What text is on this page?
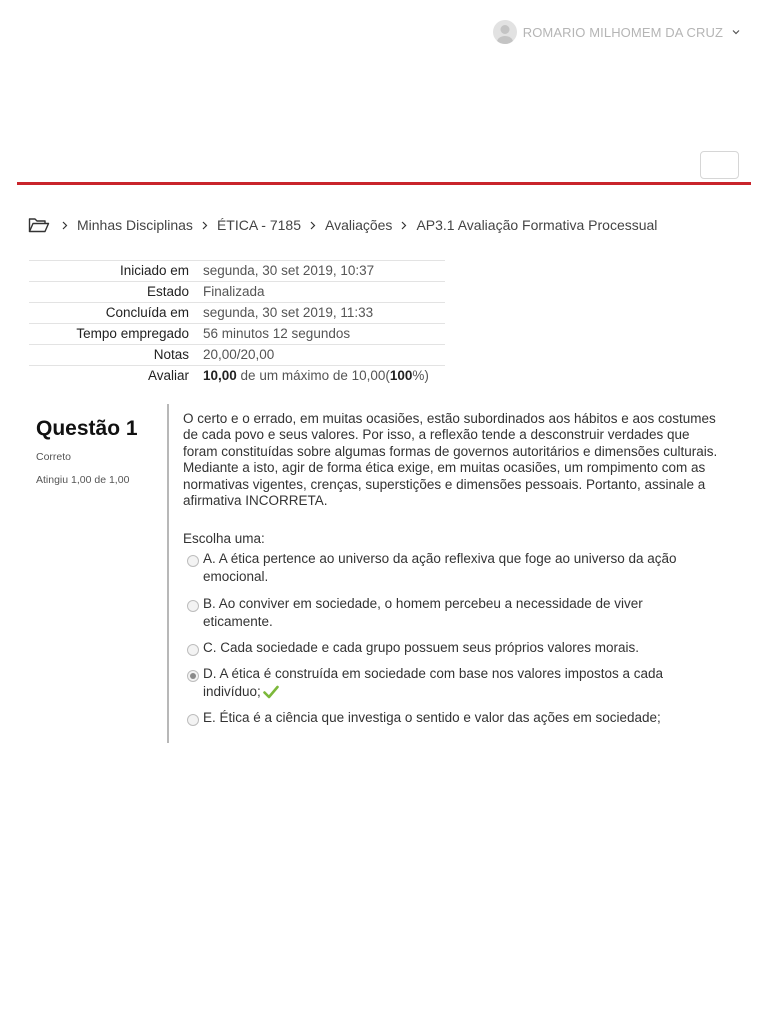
ROMARIO MILHOMEM DA CRUZ
Minhas Disciplinas ÉTICA - 7185 Avaliações AP3.1 Avaliação Formativa Processual
Iniciado em	segunda, 30 set 2019, 10:37
Estado	Finalizada
Concluída em	segunda, 30 set 2019, 11:33
Tempo empregado	56 minutos 12 segundos
Notas	20,00/20,00
Avaliar	10,00 de um máximo de 10,00(100%)
Questão 1
Correto
Atingiu 1,00 de 1,00
O certo e o errado, em muitas ocasiões, estão subordinados aos hábitos e aos costumes de cada povo e seus valores. Por isso, a reflexão tende a desconstruir verdades que foram constituídas sobre algumas formas de governos autoritários e dimensões culturais. Mediante a isto, agir de forma ética exige, em muitas ocasiões, um rompimento com as normativas vigentes, crenças, superstições e dimensões pessoais. Portanto, assinale a afirmativa INCORRETA.
Escolha uma:
A. A ética pertence ao universo da ação reflexiva que foge ao universo da ação emocional.
B. Ao conviver em sociedade, o homem percebeu a necessidade de viver eticamente.
C. Cada sociedade e cada grupo possuem seus próprios valores morais.
D. A ética é construída em sociedade com base nos valores impostos a cada indivíduo;
E. Ética é a ciência que investiga o sentido e valor das ações em sociedade;
